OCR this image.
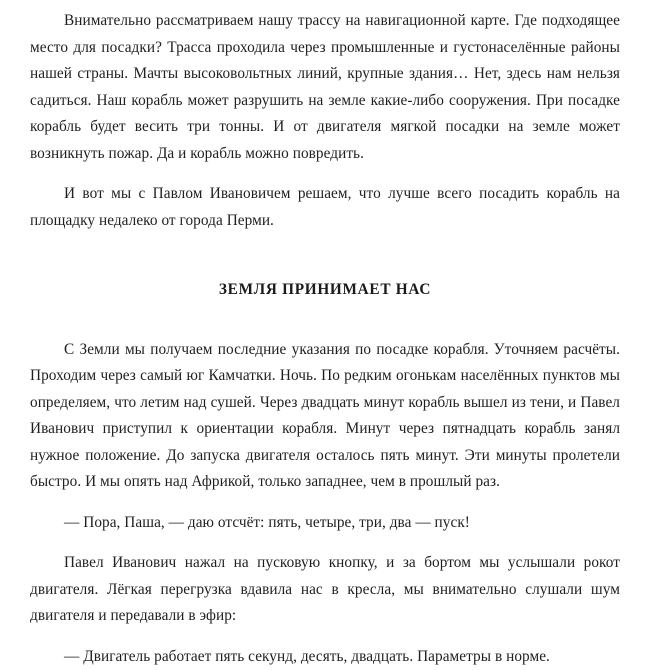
Внимательно рассматриваем нашу трассу на навигационной карте. Где подходящее место для посадки? Трасса проходила через промышленные и густонаселённые районы нашей страны. Мачты высоковольтных линий, крупные здания… Нет, здесь нам нельзя садиться. Наш корабль может разрушить на земле какие-либо сооружения. При посадке корабль будет весить три тонны. И от двигателя мягкой посадки на земле может возникнуть пожар. Да и корабль можно повредить.

И вот мы с Павлом Ивановичем решаем, что лучше всего посадить корабль на площадку недалеко от города Перми.

ЗЕМЛЯ ПРИНИМАЕТ НАС

С Земли мы получаем последние указания по посадке корабля. Уточняем расчёты. Проходим через самый юг Камчатки. Ночь. По редким огонькам населённых пунктов мы определяем, что летим над сушей. Через двадцать минут корабль вышел из тени, и Павел Иванович приступил к ориентации корабля. Минут через пятнадцать корабль занял нужное положение. До запуска двигателя осталось пять минут. Эти минуты пролетели быстро. И мы опять над Африкой, только западнее, чем в прошлый раз.

— Пора, Паша, — даю отсчёт: пять, четыре, три, два — пуск!

Павел Иванович нажал на пусковую кнопку, и за бортом мы услышали рокот двигателя. Лёгкая перегрузка вдавила нас в кресла, мы внимательно слушали шум двигателя и передавали в эфир:

— Двигатель работает пять секунд, десять, двадцать. Параметры в норме.
